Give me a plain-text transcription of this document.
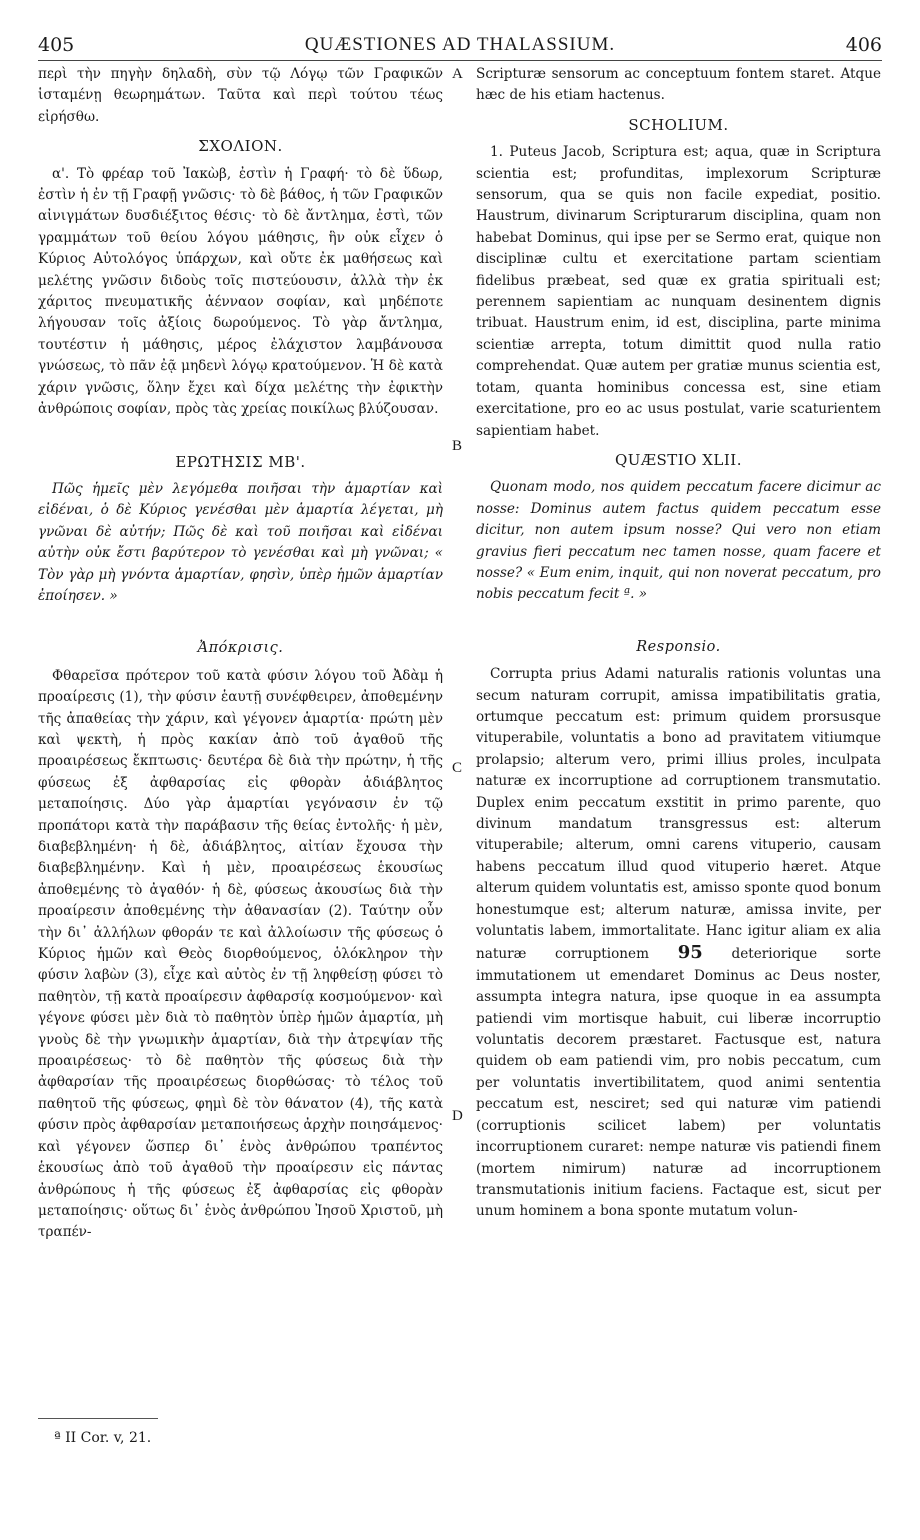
405	QUÆSTIONES AD THALASSIUM.	406
A
B
C
D

περὶ τὴν πηγὴν δηλαδὴ, σὺν τῷ Λόγῳ τῶν Γραφικῶν ἱσταμένῃ θεωρημάτων. Ταῦτα καὶ περὶ τούτου τέως εἰρήσθω.

ΣΧΟΛΙΟΝ.

α'. Τὸ φρέαρ τοῦ Ἰακὼβ, ἐστὶν ἡ Γραφή· τὸ δὲ ὕδωρ, ἐστὶν ἡ ἐν τῇ Γραφῇ γνῶσις· τὸ δὲ βάθος, ἡ τῶν Γραφικῶν αἰνιγμάτων δυσδιέξιτος θέσις· τὸ δὲ ἄντλημα, ἐστὶ, τῶν γραμμάτων τοῦ θείου λόγου μάθησις, ἣν οὐκ εἶχεν ὁ Κύριος Αὐτολόγος ὑπάρχων, καὶ οὔτε ἐκ μαθήσεως καὶ μελέτης γνῶσιν διδοὺς τοῖς πιστεύουσιν, ἀλλὰ τὴν ἐκ χάριτος πνευματικῆς ἀένναον σοφίαν, καὶ μηδέποτε λήγουσαν τοῖς ἀξίοις δωρούμενος. Τὸ γὰρ ἄντλημα, τουτέστιν ἡ μάθησις, μέρος ἐλάχιστον λαμβάνουσα γνώσεως, τὸ πᾶν ἐᾷ μηδενὶ λόγῳ κρατούμενον. Ἡ δὲ κατὰ χάριν γνῶσις, ὅλην ἔχει καὶ δίχα μελέτης τὴν ἐφικτὴν ἀνθρώποις σοφίαν, πρὸς τὰς χρείας ποικίλως βλύζουσαν.

ΕΡΩΤΗΣΙΣ ΜΒ'.

Πῶς ἡμεῖς μὲν λεγόμεθα ποιῆσαι τὴν ἁμαρτίαν καὶ εἰδέναι, ὁ δὲ Κύριος γενέσθαι μὲν ἁμαρτία λέγεται, μὴ γνῶναι δὲ αὐτήν; Πῶς δὲ καὶ τοῦ ποιῆσαι καὶ εἰδέναι αὐτὴν οὐκ ἔστι βαρύτερον τὸ γενέσθαι καὶ μὴ γνῶναι; « Τὸν γὰρ μὴ γνόντα ἁμαρτίαν, φησὶν, ὑπὲρ ἡμῶν ἁμαρτίαν ἐποίησεν. »

Ἀπόκρισις.

Φθαρεῖσα πρότερον τοῦ κατὰ φύσιν λόγου τοῦ Ἀδὰμ ἡ προαίρεσις (1), τὴν φύσιν ἑαυτῇ συνέφθειρεν, ἀποθεμένην τῆς ἀπαθείας τὴν χάριν, καὶ γέγονεν ἁμαρτία· πρώτη μὲν καὶ ψεκτὴ, ἡ πρὸς κακίαν ἀπὸ τοῦ ἀγαθοῦ τῆς προαιρέσεως ἔκπτωσις· δευτέρα δὲ διὰ τὴν πρώτην, ἡ τῆς φύσεως ἐξ ἀφθαρσίας εἰς φθορὰν ἀδιάβλητος μεταποίησις. Δύο γὰρ ἁμαρτίαι γεγόνασιν ἐν τῷ προπάτορι κατὰ τὴν παράβασιν τῆς θείας ἐντολῆς· ἡ μὲν, διαβεβλημένη· ἡ δὲ, ἀδιάβλητος, αἰτίαν ἔχουσα τὴν διαβεβλημένην. Καὶ ἡ μὲν, προαιρέσεως ἑκουσίως ἀποθεμένης τὸ ἀγαθόν· ἡ δὲ, φύσεως ἀκουσίως διὰ τὴν προαίρεσιν ἀποθεμένης τὴν ἀθανασίαν (2). Ταύτην οὖν τὴν δι᾽ ἀλλήλων φθοράν τε καὶ ἀλλοίωσιν τῆς φύσεως ὁ Κύριος ἡμῶν καὶ Θεὸς διορθούμενος, ὁλόκληρον τὴν φύσιν λαβὼν (3), εἶχε καὶ αὐτὸς ἐν τῇ ληφθείσῃ φύσει τὸ παθητὸν, τῇ κατὰ προαίρεσιν ἀφθαρσίᾳ κοσμούμενον· καὶ γέγονε φύσει μὲν διὰ τὸ παθητὸν ὑπὲρ ἡμῶν ἁμαρτία, μὴ γνοὺς δὲ τὴν γνωμικὴν ἁμαρτίαν, διὰ τὴν ἀτρεψίαν τῆς προαιρέσεως· τὸ δὲ παθητὸν τῆς φύσεως διὰ τὴν ἀφθαρσίαν τῆς προαιρέσεως διορθώσας· τὸ τέλος τοῦ παθητοῦ τῆς φύσεως, φημὶ δὲ τὸν θάνατον (4), τῆς κατὰ φύσιν πρὸς ἀφθαρσίαν μεταποιήσεως ἀρχὴν ποιησάμενος· καὶ γέγονεν ὥσπερ δι᾽ ἑνὸς ἀνθρώπου τραπέντος ἑκουσίως ἀπὸ τοῦ ἀγαθοῦ τὴν προαίρεσιν εἰς πάντας ἀνθρώπους ἡ τῆς φύσεως ἐξ ἀφθαρσίας εἰς φθορὰν μεταποίησις· οὕτως δι᾽ ἑνὸς ἀνθρώπου Ἰησοῦ Χριστοῦ, μὴ τραπέν-

Scripturæ sensorum ac conceptuum fontem staret. Atque hæc de his etiam hactenus.

SCHOLIUM.

1. Puteus Jacob, Scriptura est; aqua, quæ in Scriptura scientia est; profunditas, implexorum Scripturæ sensorum, qua se quis non facile expediat, positio. Haustrum, divinarum Scripturarum disciplina, quam non habebat Dominus, qui ipse per se Sermo erat, quique non disciplinæ cultu et exercitatione partam scientiam fidelibus præbeat, sed quæ ex gratia spirituali est; perennem sapientiam ac nunquam desinentem dignis tribuat. Haustrum enim, id est, disciplina, parte minima scientiæ arrepta, totum dimittit quod nulla ratio comprehendat. Quæ autem per gratiæ munus scientia est, totam, quanta hominibus concessa est, sine etiam exercitatione, pro eo ac usus postulat, varie scaturientem sapientiam habet.

QUÆSTIO XLII.

Quonam modo, nos quidem peccatum facere dicimur ac nosse: Dominus autem factus quidem peccatum esse dicitur, non autem ipsum nosse? Qui vero non etiam gravius fieri peccatum nec tamen nosse, quam facere et nosse? « Eum enim, inquit, qui non noverat peccatum, pro nobis peccatum fecit ª. »

Responsio.

Corrupta prius Adami naturalis rationis voluntas una secum naturam corrupit, amissa impatibilitatis gratia, ortumque peccatum est: primum quidem prorsusque vituperabile, voluntatis a bono ad pravitatem vitiumque prolapsio; alterum vero, primi illius proles, inculpata naturæ ex incorruptione ad corruptionem transmutatio. Duplex enim peccatum exstitit in primo parente, quo divinum mandatum transgressus est: alterum vituperabile; alterum, omni carens vituperio, causam habens peccatum illud quod vituperio hæret. Atque alterum quidem voluntatis est, amisso sponte quod bonum honestumque est; alterum naturæ, amissa invite, per voluntatis labem, immortalitate. Hanc igitur aliam ex alia naturæ corruptionem 95 deteriorique sorte immutationem ut emendaret Dominus ac Deus noster, assumpta integra natura, ipse quoque in ea assumpta patiendi vim mortisque habuit, cui liberæ incorruptio voluntatis decorem præstaret. Factusque est, natura quidem ob eam patiendi vim, pro nobis peccatum, cum per voluntatis invertibilitatem, quod animi sententia peccatum est, nesciret; sed qui naturæ vim patiendi (corruptionis scilicet labem) per voluntatis incorruptionem curaret: nempe naturæ vis patiendi finem (mortem nimirum) naturæ ad incorruptionem transmutationis initium faciens. Factaque est, sicut per unum hominem a bona sponte mutatum volun-

ª II Cor. v, 21.
